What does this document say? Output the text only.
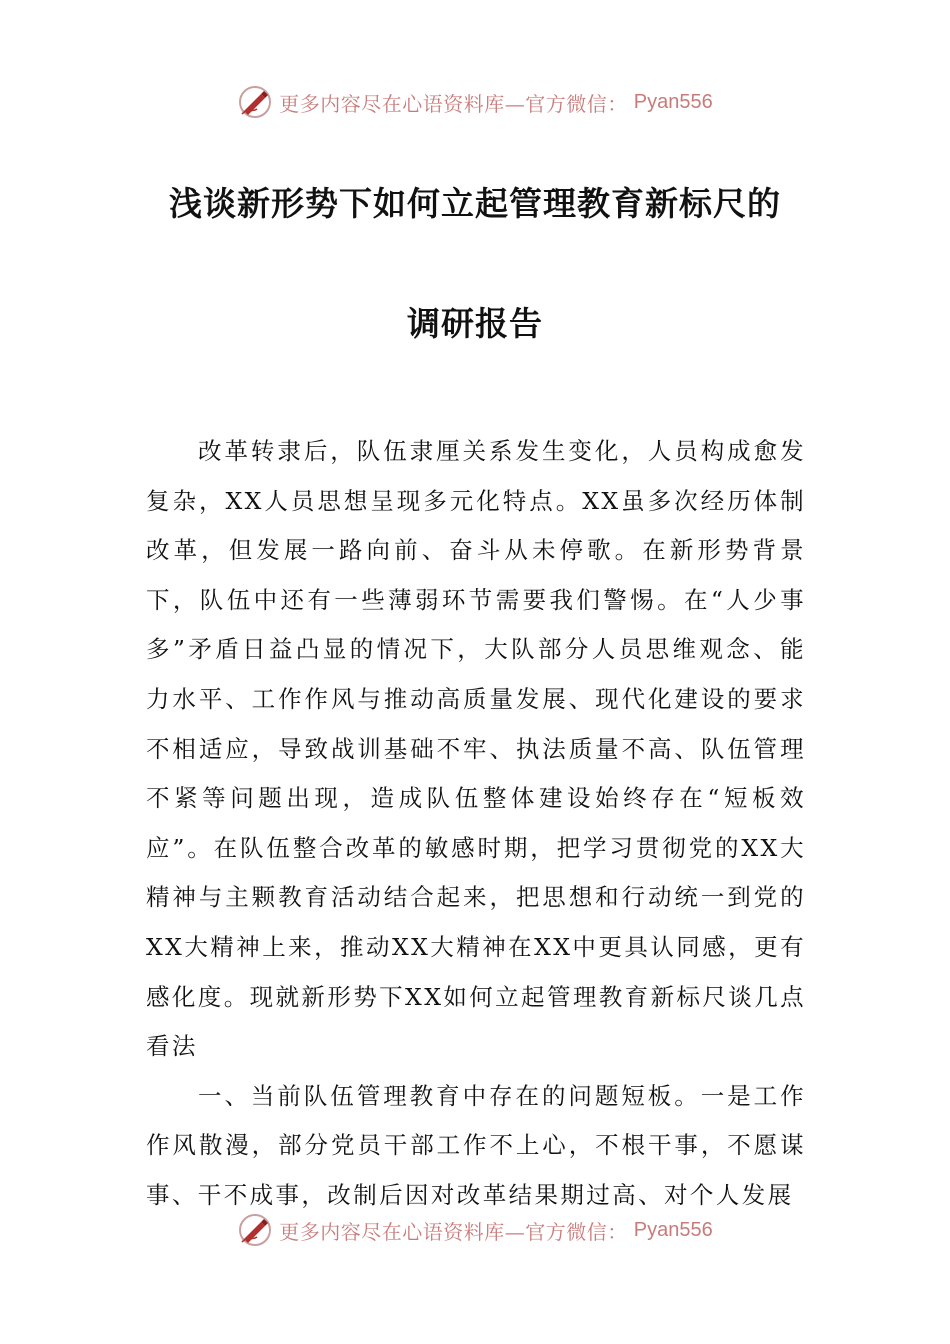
更多内容尽在心语资料库—官方微信： Pyan556
浅谈新形势下如何立起管理教育新标尺的
调研报告

改革转隶后，队伍隶厘关系发生变化，人员构成愈发复杂，XX人员思想呈现多元化特点。XX虽多次经历体制改革，但发展一路向前、奋斗从未停歌。在新形势背景下，队伍中还有一些薄弱环节需要我们警惕。在“人少事多”矛盾日益凸显的情况下，大队部分人员思维观念、能力水平、工作作风与推动高质量发展、现代化建设的要求不相适应，导致战训基础不牢、执法质量不高、队伍管理不紧等问题出现，造成队伍整体建设始终存在“短板效应”。在队伍整合改革的敏感时期，把学习贯彻党的XX大精神与主颗教育活动结合起来，把思想和行动统一到党的XX大精神上来，推动XX大精神在XX中更具认同感，更有感化度。现就新形势下XX如何立起管理教育新标尺谈几点看法

一、当前队伍管理教育中存在的问题短板。一是工作作风散漫，部分党员干部工作不上心，不根干事，不愿谋事、干不成事，改制后因对改革结果期过高、对个人发展

更多内容尽在心语资料库—官方微信： Pyan556
